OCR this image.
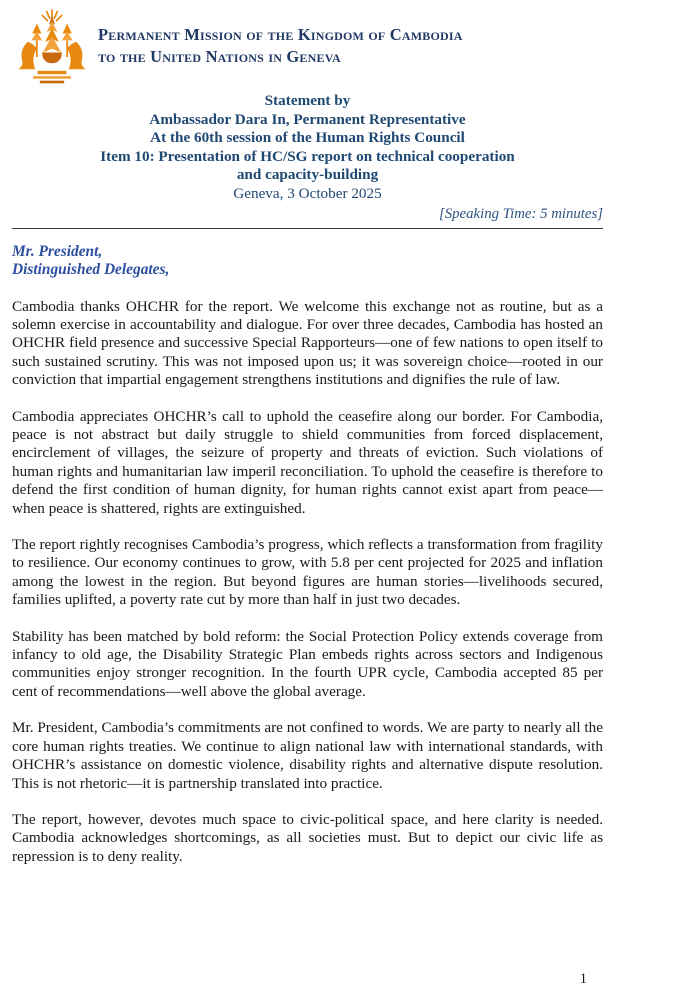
Permanent Mission of the Kingdom of Cambodia
to the United Nations in Geneva
Statement by
Ambassador Dara In, Permanent Representative
At the 60th session of the Human Rights Council
Item 10: Presentation of HC/SG report on technical cooperation
and capacity-building
Geneva, 3 October 2025
[Speaking Time: 5 minutes]
Mr. President,
Distinguished Delegates,

Cambodia thanks OHCHR for the report. We welcome this exchange not as routine, but as a solemn exercise in accountability and dialogue. For over three decades, Cambodia has hosted an OHCHR field presence and successive Special Rapporteurs—one of few nations to open itself to such sustained scrutiny. This was not imposed upon us; it was sovereign choice—rooted in our conviction that impartial engagement strengthens institutions and dignifies the rule of law.

Cambodia appreciates OHCHR’s call to uphold the ceasefire along our border. For Cambodia, peace is not abstract but daily struggle to shield communities from forced displacement, encirclement of villages, the seizure of property and threats of eviction. Such violations of human rights and humanitarian law imperil reconciliation. To uphold the ceasefire is therefore to defend the first condition of human dignity, for human rights cannot exist apart from peace—when peace is shattered, rights are extinguished.

The report rightly recognises Cambodia’s progress, which reflects a transformation from fragility to resilience. Our economy continues to grow, with 5.8 per cent projected for 2025 and inflation among the lowest in the region. But beyond figures are human stories—livelihoods secured, families uplifted, a poverty rate cut by more than half in just two decades.

Stability has been matched by bold reform: the Social Protection Policy extends coverage from infancy to old age, the Disability Strategic Plan embeds rights across sectors and Indigenous communities enjoy stronger recognition. In the fourth UPR cycle, Cambodia accepted 85 per cent of recommendations—well above the global average.

Mr. President, Cambodia’s commitments are not confined to words. We are party to nearly all the core human rights treaties. We continue to align national law with international standards, with OHCHR’s assistance on domestic violence, disability rights and alternative dispute resolution. This is not rhetoric—it is partnership translated into practice.

The report, however, devotes much space to civic-political space, and here clarity is needed. Cambodia acknowledges shortcomings, as all societies must. But to depict our civic life as repression is to deny reality.

1
